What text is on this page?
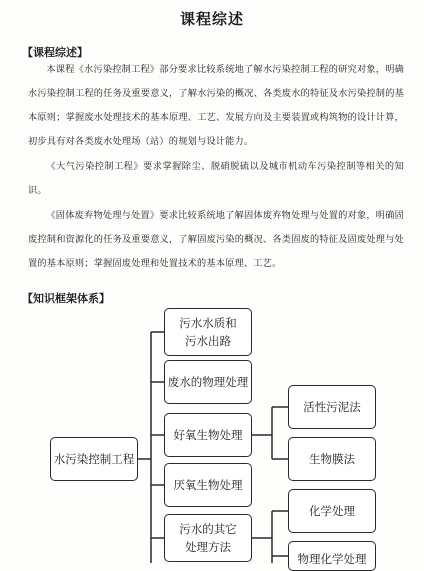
课程综述
【课程综述】

本课程《水污染控制工程》部分要求比较系统地了解水污染控制工程的研究对象，明确水污染控制工程的任务及重要意义，了解水污染的概况、各类废水的特征及水污染控制的基本原则；掌握废水处理技术的基本原理、工艺、发展方向及主要装置或构筑物的设计计算，初步具有对各类废水处理场（站）的规划与设计能力。

《大气污染控制工程》要求掌握除尘、脱硝脱硫以及城市机动车污染控制等相关的知识。

《固体废弃物处理与处置》要求比较系统地了解固体废弃物处理与处置的对象，明确固废控制和资源化的任务及重要意义，了解固废污染的概况、各类固废的特征及固废处理与处置的基本原则；掌握固废处理和处置技术的基本原理、工艺。

【知识框架体系】
水污染控制工程
污水水质和
污水出路
废水的物理处理
好氧生物处理
厌氧生物处理
污水的其它
处理方法
活性污泥法
生物膜法
化学处理
物理化学处理
